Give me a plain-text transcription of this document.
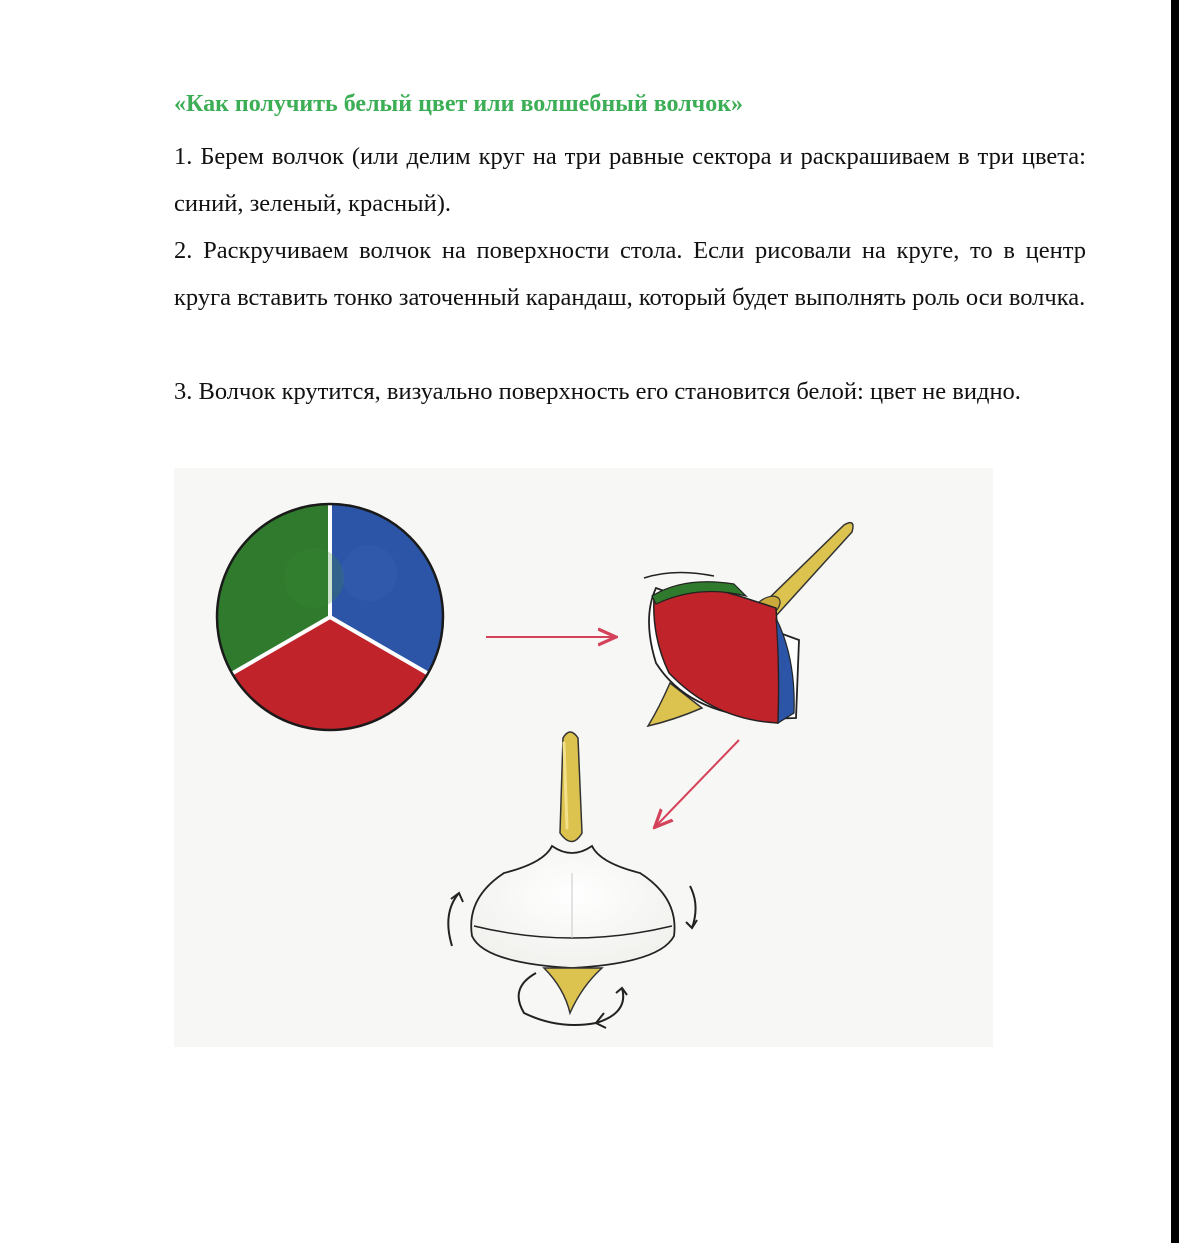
«Как получить белый цвет или волшебный волчок»

1. Берем волчок (или делим круг на три равные сектора и раскрашиваем в три цвета: синий, зеленый, красный).

2. Раскручиваем волчок на поверхности стола. Если рисовали на круге, то в центр круга вставить тонко заточенный карандаш, который будет выполнять роль оси волчка.

3. Волчок крутится, визуально поверхность его становится белой: цвет не видно.
